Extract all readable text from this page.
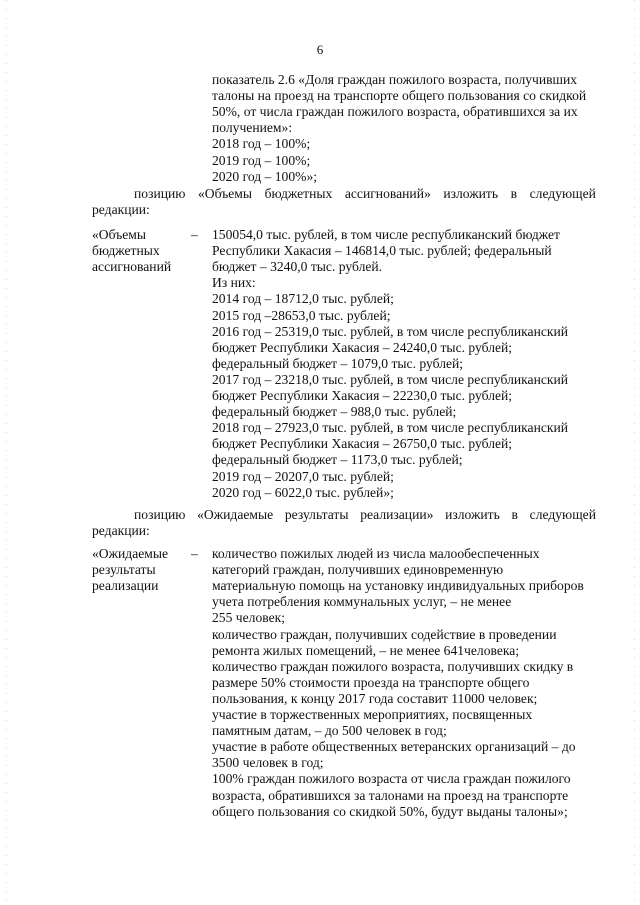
6
показатель 2.6 «Доля граждан пожилого возраста, получивших
талоны на проезд на транспорте общего пользования со скидкой
50%, от числа граждан пожилого возраста, обратившихся за их
получением»:
2018 год – 100%;
2019 год – 100%;
2020 год – 100%»;
позицию «Объемы бюджетных ассигнований» изложить в следующей
редакции:
«Объемы
бюджетных
ассигнований
– 150054,0 тыс. рублей, в том числе республиканский бюджет
Республики Хакасия – 146814,0 тыс. рублей; федеральный
бюджет – 3240,0 тыс. рублей.
Из них:
2014 год – 18712,0 тыс. рублей;
2015 год –28653,0 тыс. рублей;
2016 год – 25319,0 тыс. рублей, в том числе республиканский
бюджет Республики Хакасия – 24240,0 тыс. рублей;
федеральный бюджет – 1079,0 тыс. рублей;
2017 год – 23218,0 тыс. рублей, в том числе республиканский
бюджет Республики Хакасия – 22230,0 тыс. рублей;
федеральный бюджет – 988,0 тыс. рублей;
2018 год – 27923,0 тыс. рублей, в том числе республиканский
бюджет Республики Хакасия – 26750,0 тыс. рублей;
федеральный бюджет – 1173,0 тыс. рублей;
2019 год – 20207,0 тыс. рублей;
2020 год – 6022,0 тыс. рублей»;
позицию «Ожидаемые результаты реализации» изложить в следующей
редакции:
«Ожидаемые
результаты
реализации
– количество пожилых людей из числа малообеспеченных
категорий граждан, получивших единовременную
материальную помощь на установку индивидуальных приборов
учета потребления коммунальных услуг, – не менее
255 человек;
количество граждан, получивших содействие в проведении
ремонта жилых помещений, – не менее 641человека;
количество граждан пожилого возраста, получивших скидку в
размере 50% стоимости проезда на транспорте общего
пользования, к концу 2017 года составит 11000 человек;
участие в торжественных мероприятиях, посвященных
памятным датам, – до 500 человек в год;
участие в работе общественных ветеранских организаций – до
3500 человек в год;
100% граждан пожилого возраста от числа граждан пожилого
возраста, обратившихся за талонами на проезд на транспорте
общего пользования со скидкой 50%, будут выданы талоны»;
